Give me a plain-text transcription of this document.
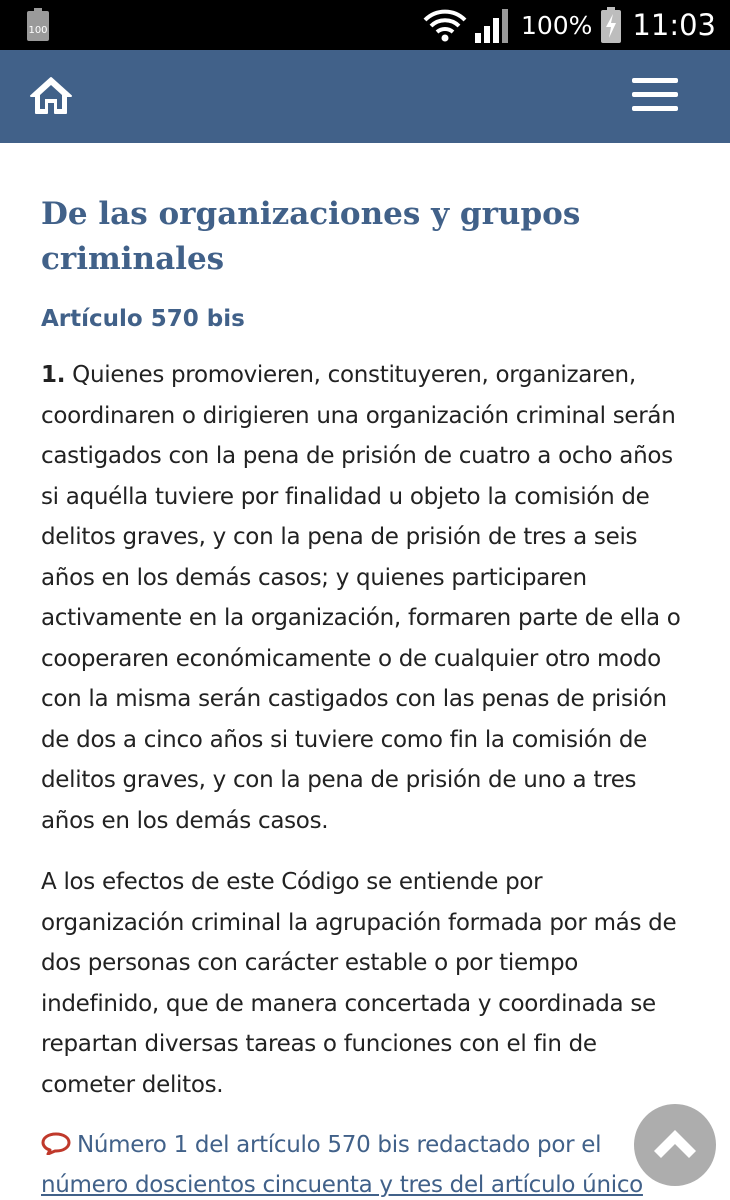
100	100% 11:03
De las organizaciones y grupos criminales
Artículo 570 bis

1. Quienes promovieren, constituyeren, organizaren, coordinaren o dirigieren una organización criminal serán castigados con la pena de prisión de cuatro a ocho años si aquélla tuviere por finalidad u objeto la comisión de delitos graves, y con la pena de prisión de tres a seis años en los demás casos; y quienes participaren activamente en la organización, formaren parte de ella o cooperaren económicamente o de cualquier otro modo con la misma serán castigados con las penas de prisión de dos a cinco años si tuviere como fin la comisión de delitos graves, y con la pena de prisión de uno a tres años en los demás casos.

A los efectos de este Código se entiende por organización criminal la agrupación formada por más de dos personas con carácter estable o por tiempo indefinido, que de manera concertada y coordinada se repartan diversas tareas o funciones con el fin de cometer delitos.

Número 1 del artículo 570 bis redactado por el
número doscientos cincuenta y tres del artículo único
